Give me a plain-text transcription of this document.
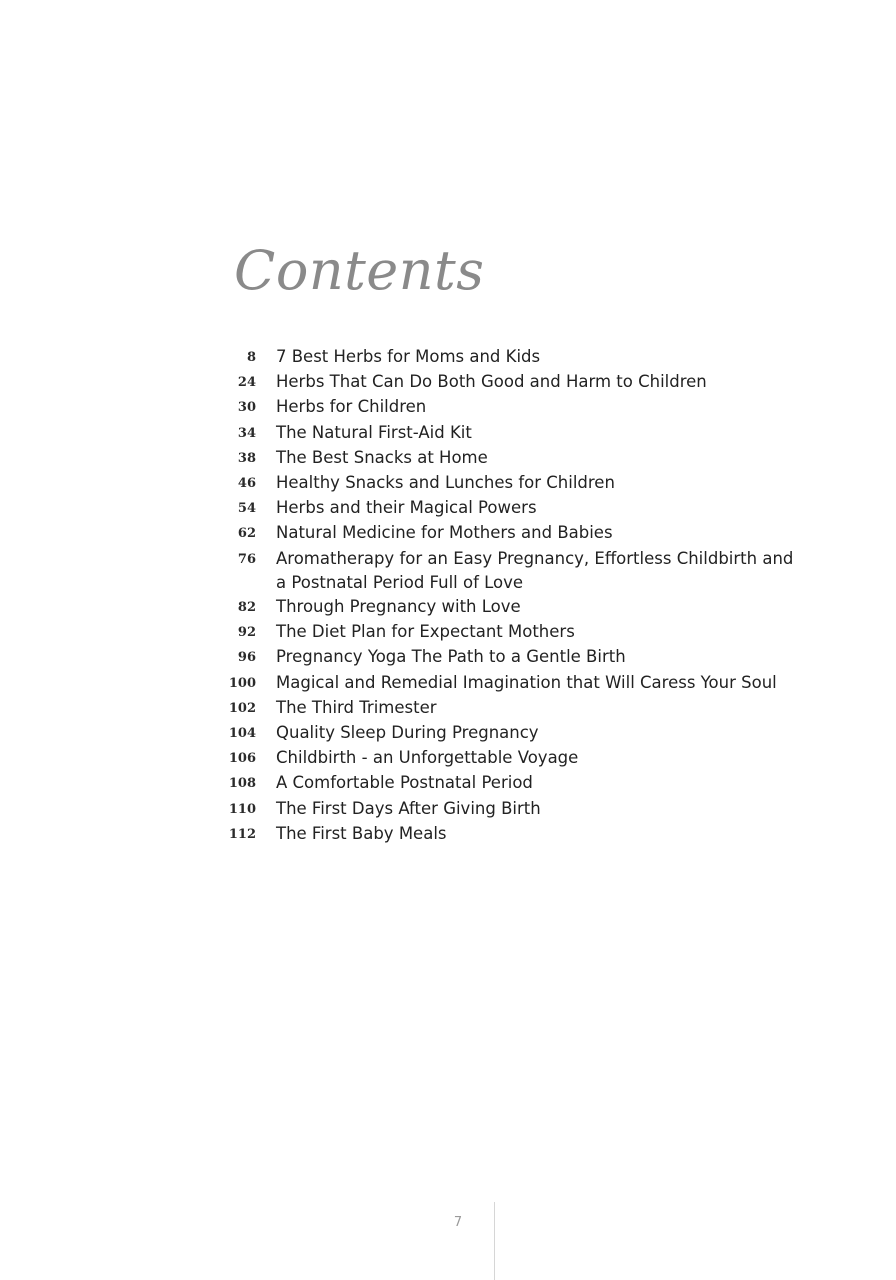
Contents
8 7 Best Herbs for Moms and Kids
24 Herbs That Can Do Both Good and Harm to Children
30 Herbs for Children
34 The Natural First-Aid Kit
38 The Best Snacks at Home
46 Healthy Snacks and Lunches for Children
54 Herbs and their Magical Powers
62 Natural Medicine for Mothers and Babies
76 Aromatherapy for an Easy Pregnancy, Effortless Childbirth and a Postnatal Period Full of Love
82 Through Pregnancy with Love
92 The Diet Plan for Expectant Mothers
96 Pregnancy Yoga The Path to a Gentle Birth
100 Magical and Remedial Imagination that Will Caress Your Soul
102 The Third Trimester
104 Quality Sleep During Pregnancy
106 Childbirth - an Unforgettable Voyage
108 A Comfortable Postnatal Period
110 The First Days After Giving Birth
112 The First Baby Meals
7
